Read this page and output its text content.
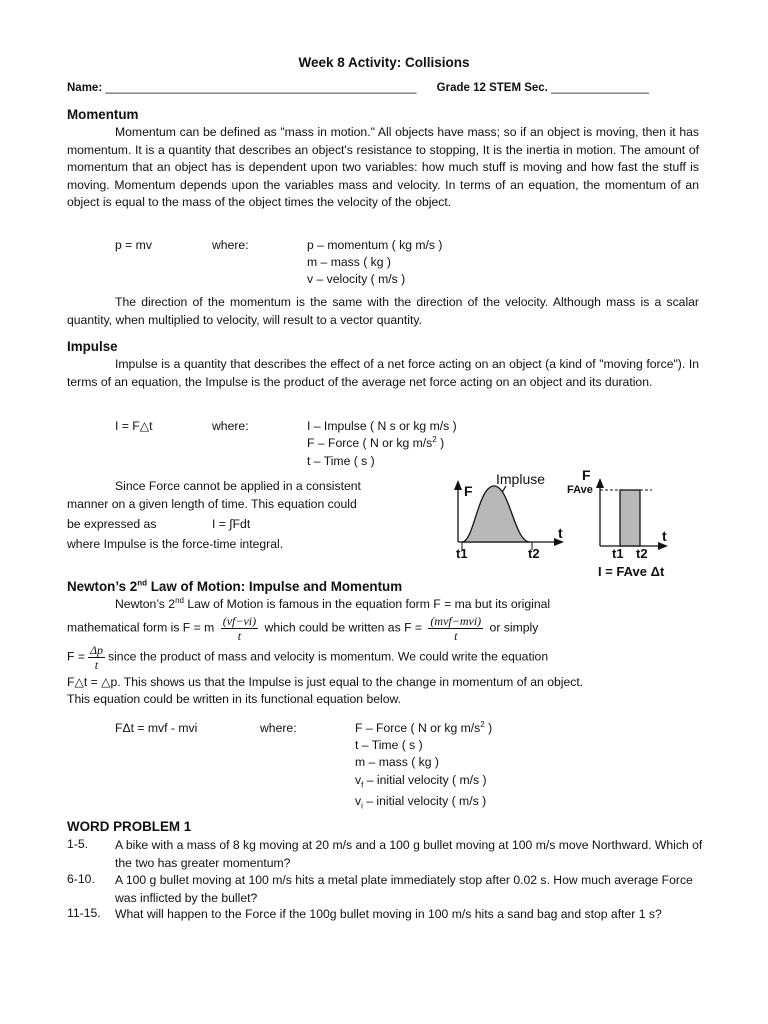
Week 8 Activity: Collisions
Name: ___________________________________________________ Grade 12 STEM Sec. ________________
Momentum
Momentum can be defined as "mass in motion." All objects have mass; so if an object is moving, then it has momentum. It is a quantity that describes an object's resistance to stopping, It is the inertia in motion. The amount of momentum that an object has is dependent upon two variables: how much stuff is moving and how fast the stuff is moving. Momentum depends upon the variables mass and velocity. In terms of an equation, the momentum of an object is equal to the mass of the object times the velocity of the object.
p = mv	where:	p – momentum ( kg m/s )
m – mass ( kg )
v – velocity ( m/s )
The direction of the momentum is the same with the direction of the velocity. Although mass is a scalar quantity, when multiplied to velocity, will result to a vector quantity.
Impulse
Impulse is a quantity that describes the effect of a net force acting on an object (a kind of "moving force"). In terms of an equation, the Impulse is the product of the average net force acting on an object and its duration.
I = F△t	where:	I – Impulse ( N s or kg m/s )
F – Force ( N or kg $m/s^2$ )
t – Time ( s )
Since Force cannot be applied in a consistent
manner on a given length of time. This equation could
be expressed as	I = ∫Fdt
where Impulse is the force-time integral.
Impluse
F
t
t1	t2
F
FAve
t
t1 t2
I = FAve Δt
Newton’s 2nd Law of Motion: Impulse and Momentum
Newton’s 2nd Law of Motion is famous in the equation form F = ma but its original
mathematical form is F = m $\frac{(vf-vi)}{t}$ which could be written as $F = \frac{\text{(mvf−mvi)}}{t}$ or simply
$F = \frac{\Delta p}{t}$ since the product of mass and velocity is momentum. We could write the equation
F△t = △p. This shows us that the Impulse is just equal to the change in momentum of an object.
This equation could be written in its functional equation below.
FΔt = mvf - mvi	where:	F – Force ( N or kg $m/s^2$ )
t – Time ( s )
m – mass ( kg )
$v_f$ – initial velocity ( m/s )
$v_i$ – initial velocity ( m/s )
WORD PROBLEM 1
1-5. A bike with a mass of 8 kg moving at 20 m/s and a 100 g bullet moving at 100 m/s move Northward. Which of the two has greater momentum?
6-10. A 100 g bullet moving at 100 m/s hits a metal plate immediately stop after 0.02 s. How much average Force was inflicted by the bullet?
11-15. What will happen to the Force if the 100g bullet moving in 100 m/s hits a sand bag and stop after 1 s?
